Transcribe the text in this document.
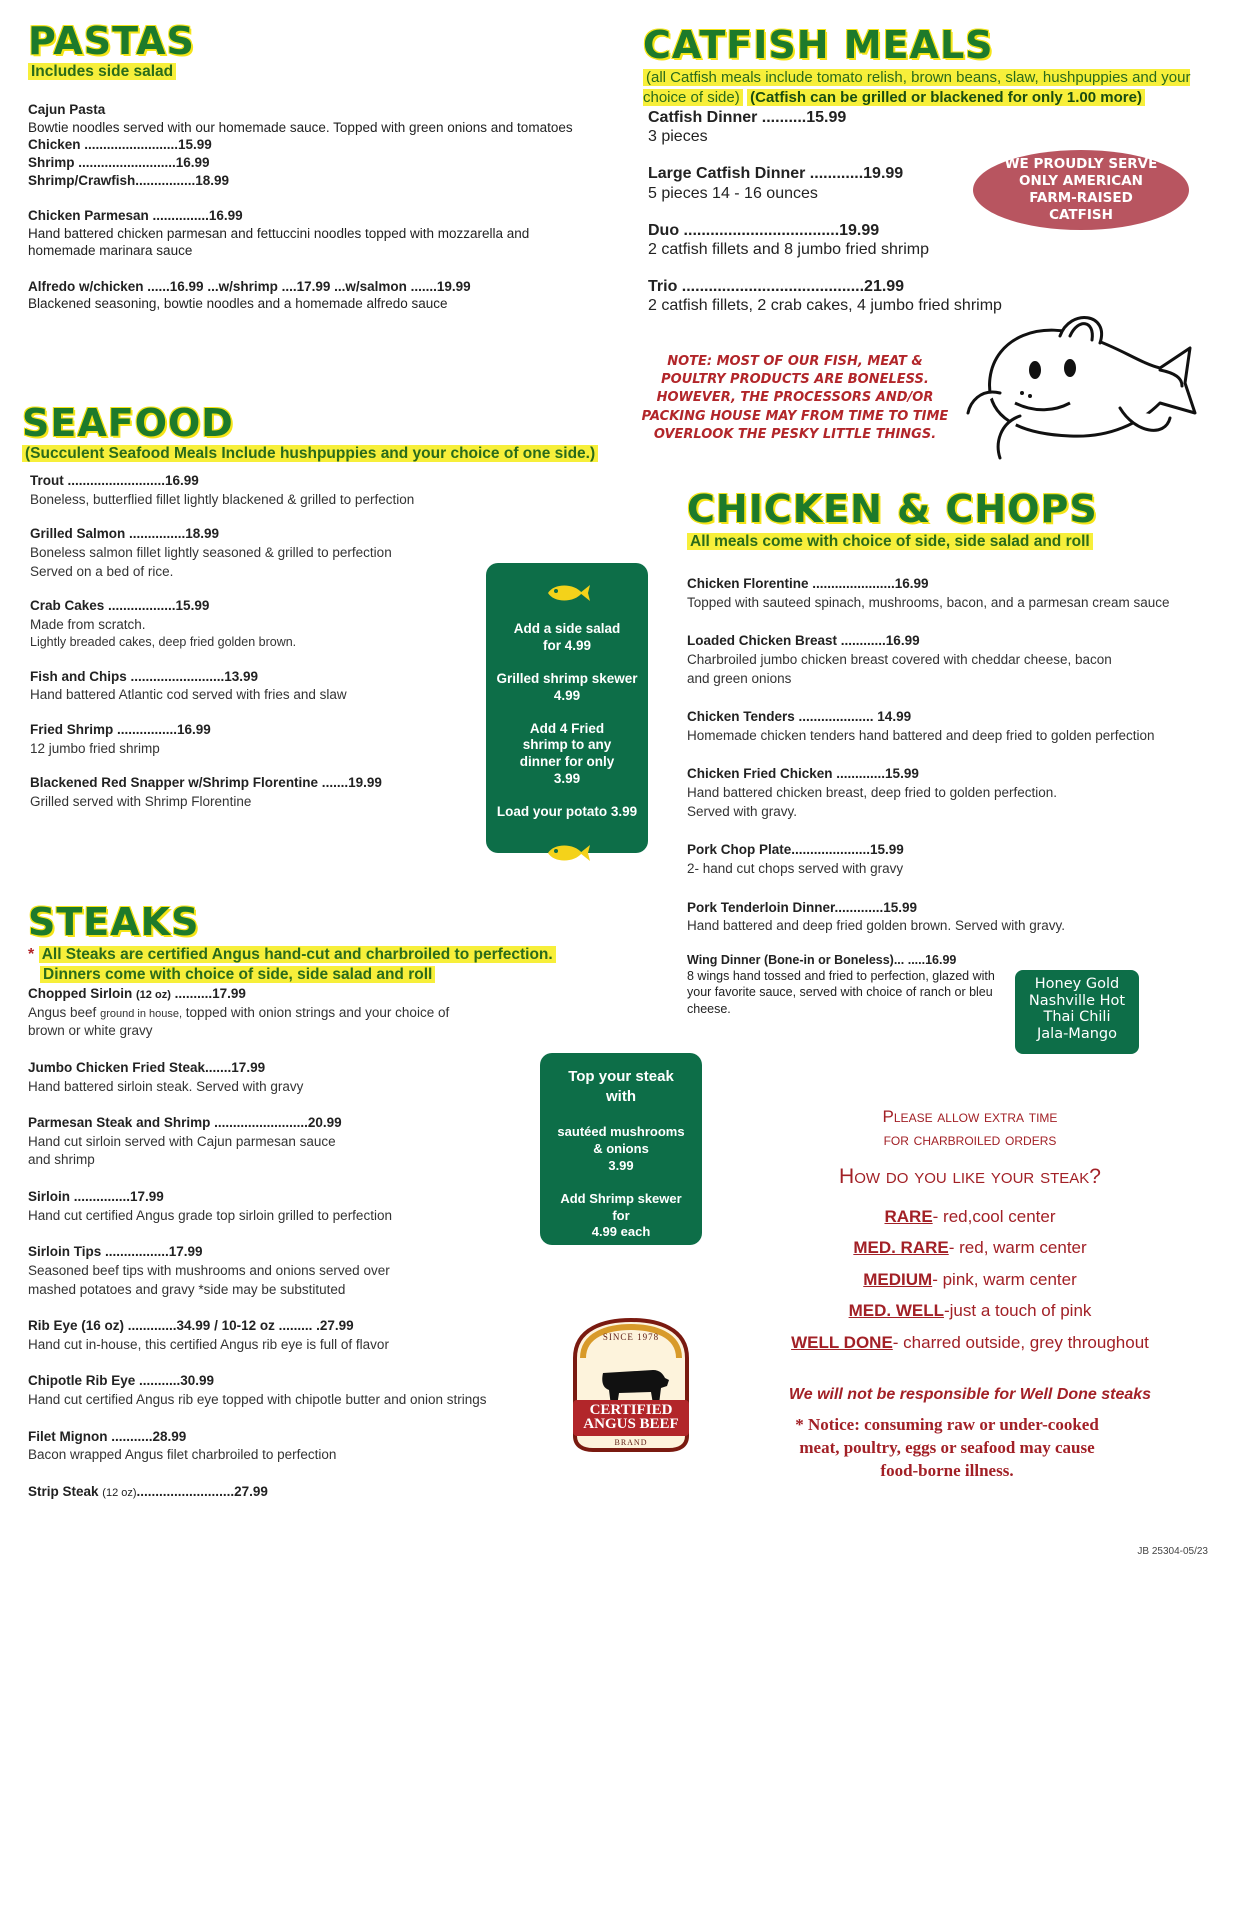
PASTAS
Includes side salad
Cajun Pasta
Bowtie noodles served with our homemade sauce. Topped with green onions and tomatoes
Chicken .........................15.99
Shrimp ..........................16.99
Shrimp/Crawfish................18.99
Chicken Parmesan ...............16.99
Hand battered chicken parmesan and fettuccini noodles topped with mozzarella and homemade marinara sauce
Alfredo w/chicken ......16.99 ...w/shrimp ....17.99 ...w/salmon .......19.99
Blackened seasoning, bowtie noodles and a homemade alfredo sauce
CATFISH MEALS
(all Catfish meals include tomato relish, brown beans, slaw, hushpuppies and your choice of side) (Catfish can be grilled or blackened for only 1.00 more)
Catfish Dinner ..........15.99
3 pieces
Large Catfish Dinner ............19.99
5 pieces 14 - 16 ounces
Duo ...................................19.99
2 catfish fillets and 8 jumbo fried shrimp
Trio .........................................21.99
2 catfish fillets, 2 crab cakes, 4 jumbo fried shrimp
WE PROUDLY SERVE ONLY AMERICAN FARM-RAISED CATFISH
NOTE: MOST OF OUR FISH, MEAT & POULTRY PRODUCTS ARE BONELESS. HOWEVER, THE PROCESSORS AND/OR PACKING HOUSE MAY FROM TIME TO TIME OVERLOOK THE PESKY LITTLE THINGS.
SEAFOOD
(Succulent Seafood Meals Include hushpuppies and your choice of one side.)
Trout ..........................16.99
Boneless, butterflied fillet lightly blackened & grilled to perfection
Grilled Salmon ...............18.99
Boneless salmon fillet lightly seasoned & grilled to perfection
Served on a bed of rice.
Crab Cakes ..................15.99
Made from scratch.
Lightly breaded cakes, deep fried golden brown.
Fish and Chips .........................13.99
Hand battered Atlantic cod served with fries and slaw
Fried Shrimp ................16.99
12 jumbo fried shrimp
Blackened Red Snapper w/Shrimp Florentine .......19.99
Grilled served with Shrimp Florentine
Add a side salad for 4.99
Grilled shrimp skewer 4.99
Add 4 Fried shrimp to any dinner for only 3.99
Load your potato 3.99
CHICKEN & CHOPS
All meals come with choice of side, side salad and roll
Chicken Florentine ......................16.99
Topped with sauteed spinach, mushrooms, bacon, and a parmesan cream sauce
Loaded Chicken Breast ............16.99
Charbroiled jumbo chicken breast covered with cheddar cheese, bacon
and green onions
Chicken Tenders .................... 14.99
Homemade chicken tenders hand battered and deep fried to golden perfection
Chicken Fried Chicken .............15.99
Hand battered chicken breast, deep fried to golden perfection.
Served with gravy.
Pork Chop Plate.....................15.99
2- hand cut chops served with gravy
Pork Tenderloin Dinner.............15.99
Hand battered and deep fried golden brown. Served with gravy.
Wing Dinner (Bone-in or Boneless)... .....16.99
8 wings hand tossed and fried to perfection, glazed with your favorite sauce, served with choice of ranch or bleu cheese.
Honey Gold
Nashville Hot
Thai Chili
Jala-Mango
STEAKS
* All Steaks are certified Angus hand-cut and charbroiled to perfection.
Dinners come with choice of side, side salad and roll
Chopped Sirloin (12 oz) ..........17.99
Angus beef ground in house, topped with onion strings and your choice of brown or white gravy
Jumbo Chicken Fried Steak.......17.99
Hand battered sirloin steak. Served with gravy
Parmesan Steak and Shrimp .........................20.99
Hand cut sirloin served with Cajun parmesan sauce
and shrimp
Sirloin ...............17.99
Hand cut certified Angus grade top sirloin grilled to perfection
Sirloin Tips .................17.99
Seasoned beef tips with mushrooms and onions served over
mashed potatoes and gravy *side may be substituted
Rib Eye (16 oz) .............34.99 / 10-12 oz ......... .27.99
Hand cut in-house, this certified Angus rib eye is full of flavor
Chipotle Rib Eye ...........30.99
Hand cut certified Angus rib eye topped with chipotle butter and onion strings
Filet Mignon ...........28.99
Bacon wrapped Angus filet charbroiled to perfection
Strip Steak (12 oz)..........................27.99
Top your steak with
sautéed mushrooms & onions
3.99
Add Shrimp skewer for
4.99 each
SINCE 1978
CERTIFIED
ANGUS BEEF
BRAND
Please allow extra time
for charbroiled orders
How do you like your steak?
RARE- red,cool center
MED. RARE- red, warm center
MEDIUM- pink, warm center
MED. WELL-just a touch of pink
WELL DONE- charred outside, grey throughout
We will not be responsible for Well Done steaks
* Notice: consuming raw or under-cooked meat, poultry, eggs or seafood may cause food-borne illness.
JB 25304-05/23
